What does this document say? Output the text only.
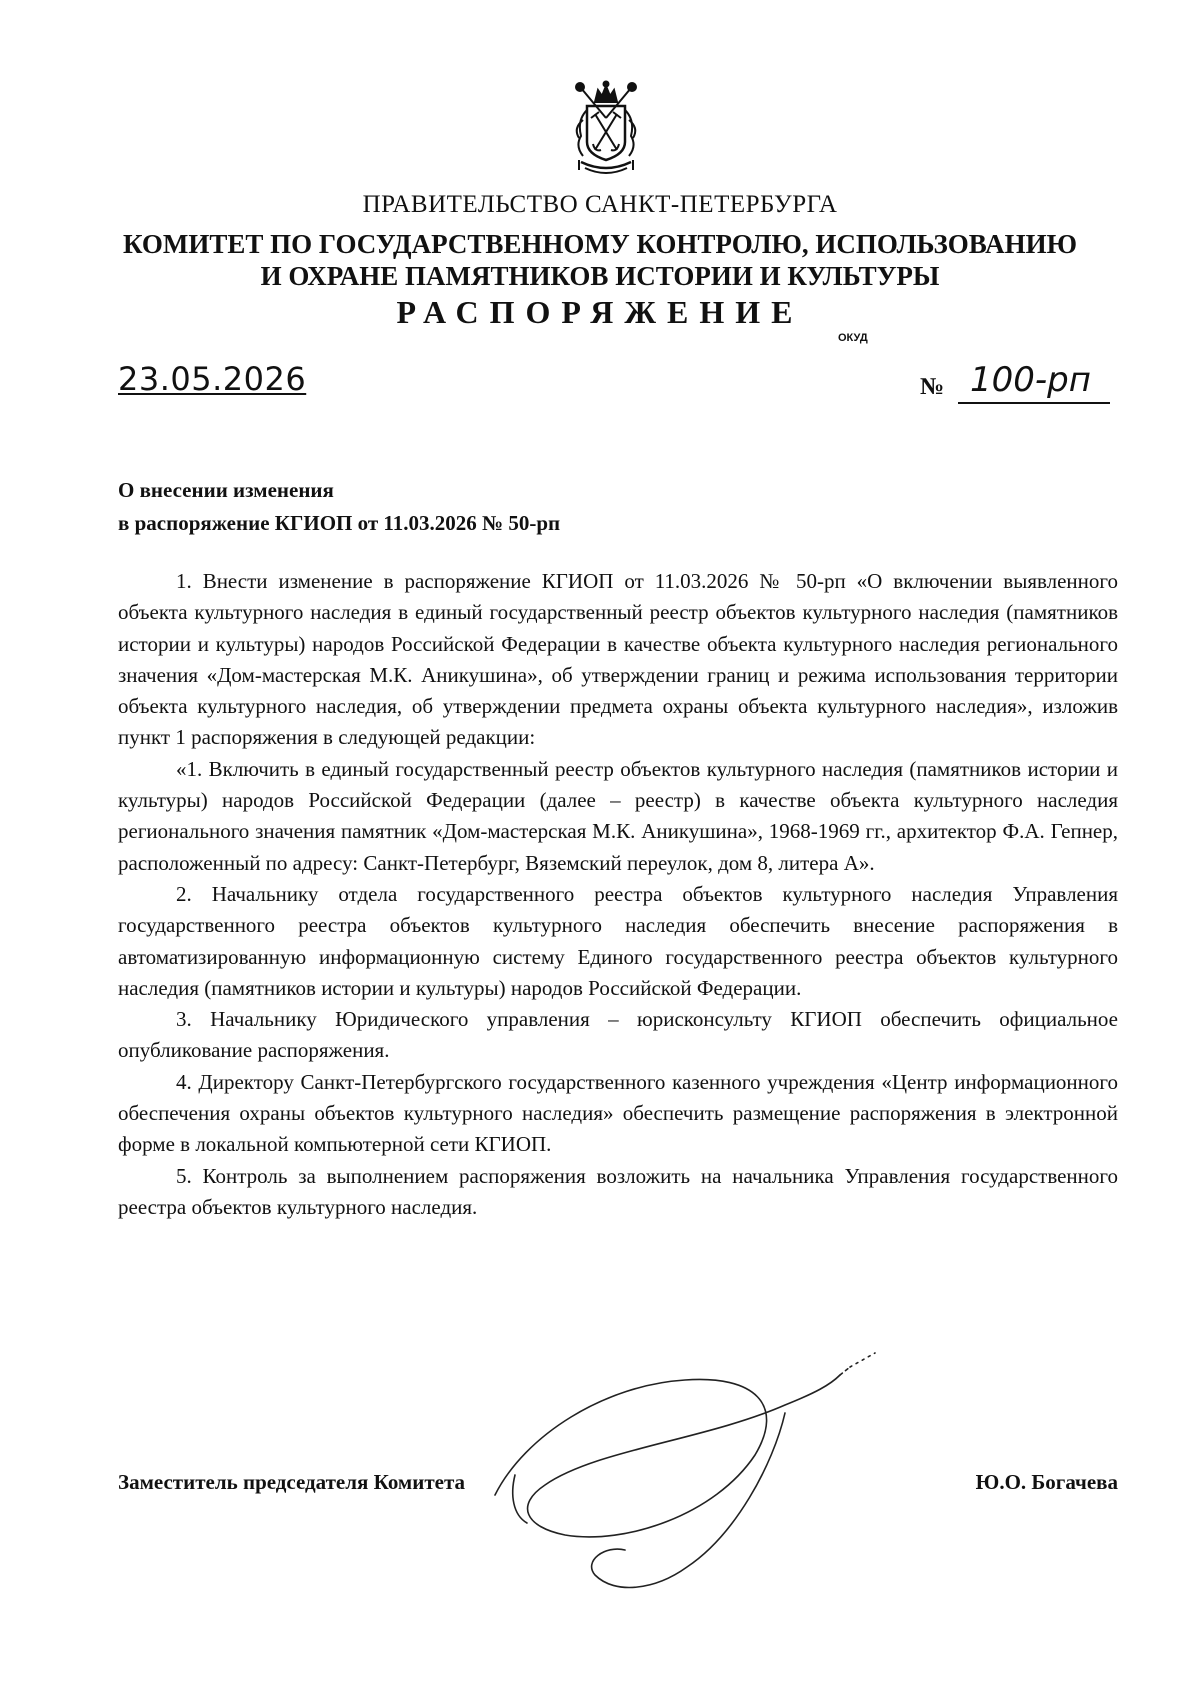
ПРАВИТЕЛЬСТВО САНКТ-ПЕТЕРБУРГА
КОМИТЕТ ПО ГОСУДАРСТВЕННОМУ КОНТРОЛЮ, ИСПОЛЬЗОВАНИЮ
И ОХРАНЕ ПАМЯТНИКОВ ИСТОРИИ И КУЛЬТУРЫ
РАСПОРЯЖЕНИЕ
ОКУД
23.05.2026	№ 100-рп
О внесении изменения
в распоряжение КГИОП от 11.03.2026 № 50-рп

1. Внести изменение в распоряжение КГИОП от 11.03.2026 № 50-рп «О включении выявленного объекта культурного наследия в единый государственный реестр объектов культурного наследия (памятников истории и культуры) народов Российской Федерации в качестве объекта культурного наследия регионального значения «Дом-мастерская М.К. Аникушина», об утверждении границ и режима использования территории объекта культурного наследия, об утверждении предмета охраны объекта культурного наследия», изложив пункт 1 распоряжения в следующей редакции:

«1. Включить в единый государственный реестр объектов культурного наследия (памятников истории и культуры) народов Российской Федерации (далее – реестр) в качестве объекта культурного наследия регионального значения памятник «Дом-мастерская М.К. Аникушина», 1968-1969 гг., архитектор Ф.А. Гепнер, расположенный по адресу: Санкт-Петербург, Вяземский переулок, дом 8, литера А».

2. Начальнику отдела государственного реестра объектов культурного наследия Управления государственного реестра объектов культурного наследия обеспечить внесение распоряжения в автоматизированную информационную систему Единого государственного реестра объектов культурного наследия (памятников истории и культуры) народов Российской Федерации.

3. Начальнику Юридического управления – юрисконсульту КГИОП обеспечить официальное опубликование распоряжения.

4. Директору Санкт-Петербургского государственного казенного учреждения «Центр информационного обеспечения охраны объектов культурного наследия» обеспечить размещение распоряжения в электронной форме в локальной компьютерной сети КГИОП.

5. Контроль за выполнением распоряжения возложить на начальника Управления государственного реестра объектов культурного наследия.

Заместитель председателя Комитета	Ю.О. Богачева
